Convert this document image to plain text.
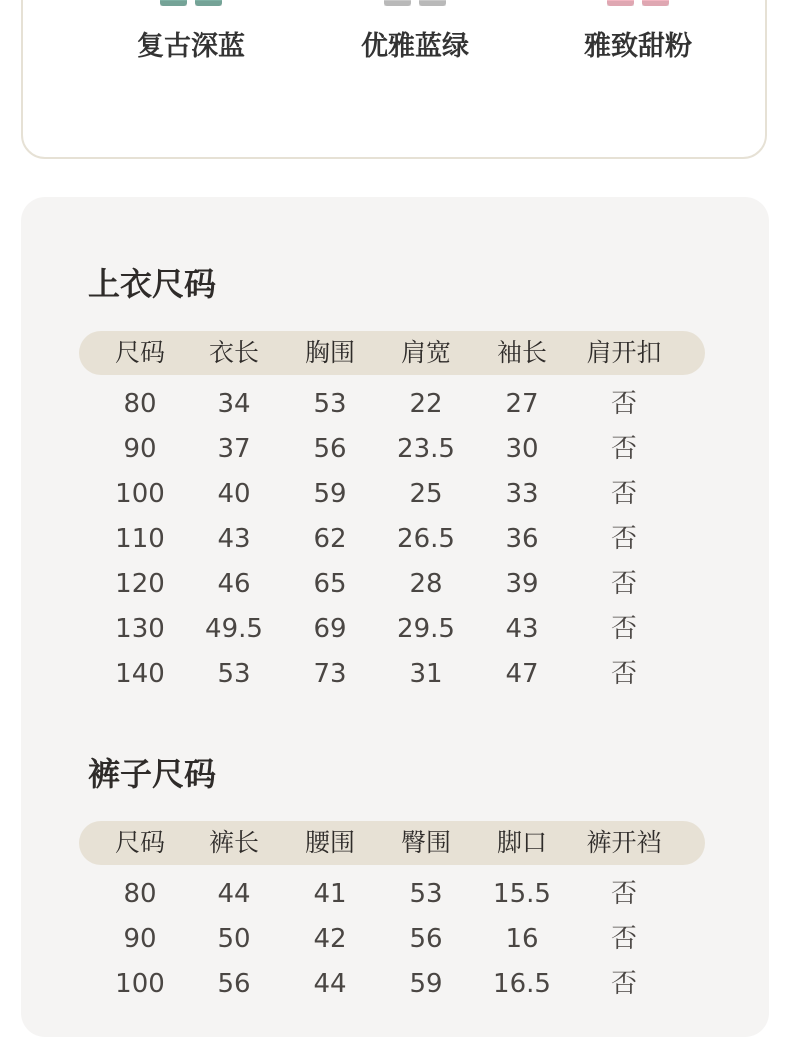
复古深蓝	优雅蓝绿	雅致甜粉
上衣尺码
尺码	衣长	胸围	肩宽	袖长	肩开扣
80	34	53	22	27	否
90	37	56	23.5	30	否
100	40	59	25	33	否
110	43	62	26.5	36	否
120	46	65	28	39	否
130	49.5	69	29.5	43	否
140	53	73	31	47	否
裤子尺码
尺码	裤长	腰围	臀围	脚口	裤开裆
80	44	41	53	15.5	否
90	50	42	56	16	否
100	56	44	59	16.5	否
